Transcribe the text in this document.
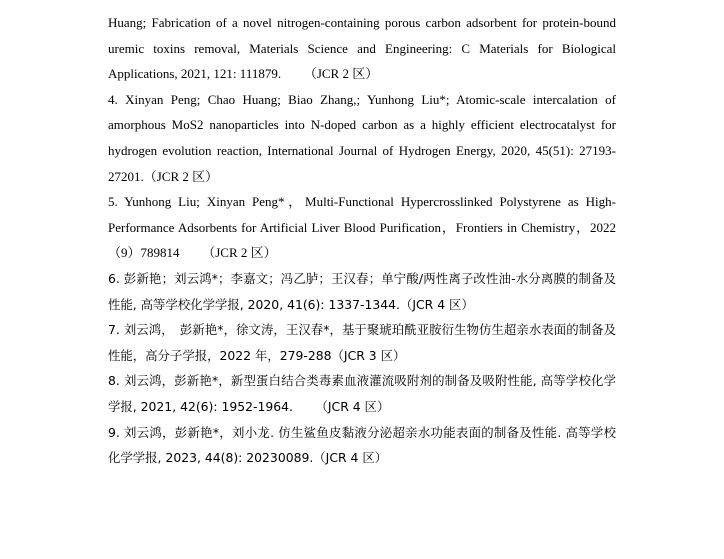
Huang; Fabrication of a novel nitrogen-containing porous carbon adsorbent for protein-bound uremic toxins removal, Materials Science and Engineering: C Materials for Biological Applications, 2021, 121: 111879. 　　（JCR 2 区）

4. Xinyan Peng; Chao Huang; Biao Zhang,; Yunhong Liu*; Atomic-scale intercalation of amorphous MoS2 nanoparticles into N-doped carbon as a highly efficient electrocatalyst for hydrogen evolution reaction, International Journal of Hydrogen Energy, 2020, 45(51): 27193-27201.（JCR 2 区）

5. Yunhong Liu; Xinyan Peng*，Multi-Functional Hypercrosslinked Polystyrene as High-Performance Adsorbents for Artificial Liver Blood Purification，Frontiers in Chemistry，2022（9）789814 　　（JCR 2 区）

6. 彭新艳；刘云鸿*；李嘉文；冯乙胪；王汉春；单宁酸/两性离子改性油-水分离膜的制备及性能, 高等学校化学学报, 2020, 41(6): 1337-1344.（JCR 4 区）

7. 刘云鸿，　彭新艳*，徐文涛，王汉春*，基于聚琥珀酰亚胺衍生物仿生超亲水表面的制备及性能，高分子学报，2022 年，279-288（JCR 3 区）

8. 刘云鸿，彭新艳*，新型蛋白结合类毒素血液灌流吸附剂的制备及吸附性能, 高等学校化学学报, 2021, 42(6): 1952-1964. 　　（JCR 4 区）

9. 刘云鸿，彭新艳*，刘小龙. 仿生鲨鱼皮黏液分泌超亲水功能表面的制备及性能. 高等学校化学学报, 2023, 44(8): 20230089.（JCR 4 区）
